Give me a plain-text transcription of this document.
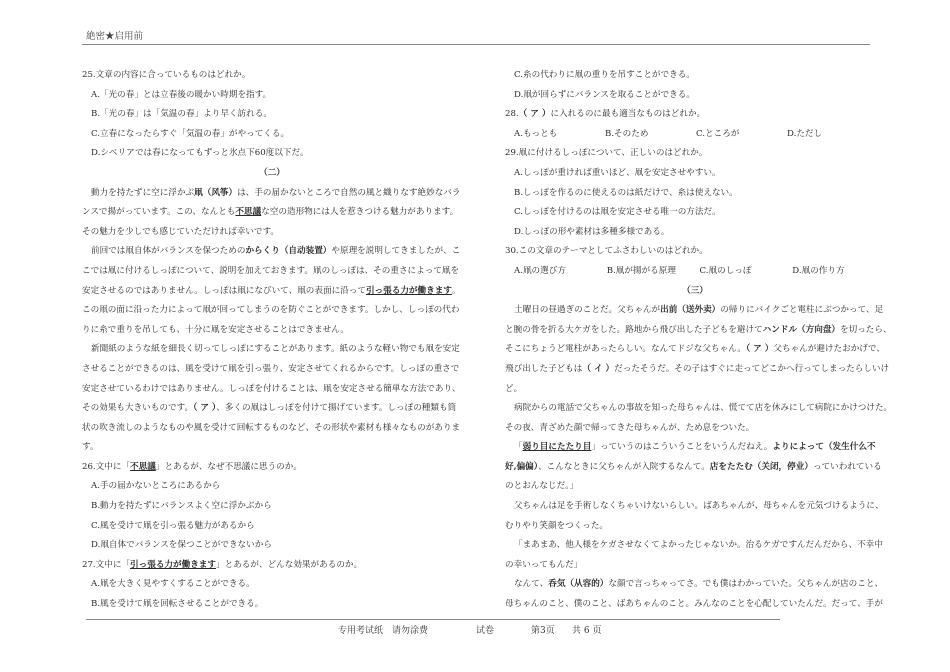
絶密★启用前
25.文章の内容に合っているものはどれか。
A.「光の春」とは立春後の暖かい時期を指す。
B.「光の春」は「気温の春」より早く訪れる。
C.立春になったらすぐ「気温の春」がやってくる。
D.シベリアでは春になってもずっと氷点下60度以下だ。
（二）
動力を持たずに空に浮かぶ凧（风筝）は、手の届かないところで自然の風と織りなす絶妙なバラ
ンスで揚がっています。この、なんとも不思議な空の造形物には人を惹きつける魅力があります。
その魅力を少しでも感じていただければ幸いです。
前回では凧自体がバランスを保つためのからくり（自动装置）や原理を説明してきましたが、こ
こでは凧に付けるしっぽについて、説明を加えておきます。凧のしっぽは、その重さによって凧を
安定させるのではありません。しっぽは凧になびいて、凧の表面に沿って引っ張る力が働きます。
この凧の面に沿った力によって凧が回ってしまうのを防ぐことができます。しかし、しっぽの代わ
りに糸で重りを吊しても、十分に凧を安定させることはできません。
新聞紙のような紙を細長く切ってしっぽにすることがあります。紙のような軽い物でも凧を安定
させることができるのは、風を受けて凧を引っ張り、安定させてくれるからです。しっぽの重さで
安定させているわけではありません。しっぽを付けることは、凧を安定させる簡単な方法であり、
その効果も大きいものです。（ ア ）、多くの凧はしっぽを付けて揚げています。しっぽの種類も筒
状の吹き流しのようなものや風を受けて回転するものなど、その形状や素材も様々なものがありま
す。
26.文中に「不思議」とあるが、なぜ不思議に思うのか。
A.手の届かないところにあるから
B.動力を持たずにバランスよく空に浮かぶから
C.風を受けて凧を引っ張る魅力があるから
D.凧自体でバランスを保つことができないから
27.文中に「引っ張る力が働きます」とあるが、どんな効果があるのか。
A.凧を大きく見やすくすることができる。
B.風を受けて凧を回転させることができる。
C.糸の代わりに凧の重りを吊すことができる。
D.凧が回らずにバランスを取ることができる。
28.（ ア ）に入れるのに最も適当なものはどれか。
A.もっとも	B.そのため	C.ところが	D.ただし
29.凧に付けるしっぽについて、正しいのはどれか。
A.しっぽが重ければ重いほど、凧を安定させやすい。
B.しっぽを作るのに使えるのは紙だけで、糸は使えない。
C.しっぽを付けるのは凧を安定させる唯一の方法だ。
D.しっぽの形や素材は多種多様である。
30.この文章のテーマとしてふさわしいのはどれか。
A.凧の選び方	B.凧が揚がる原理	C.凧のしっぽ	D.凧の作り方
（三）
土曜日の昼過ぎのことだ。父ちゃんが出前（送外卖）の帰りにバイクごと電柱にぶつかって、足
と腕の骨を折る大ケガをした。路地から飛び出した子どもを避けてハンドル（方向盘）を切ったら、
そこにちょうど電柱があったらしい。なんてドジな父ちゃん。（ ア ）父ちゃんが避けたおかげで、
飛び出した子どもは（ イ ）だったそうだ。その子はすぐに走ってどこかへ行ってしまったらしいけ
ど。
病院からの電話で父ちゃんの事故を知った母ちゃんは、慌てて店を休みにして病院にかけつけた。
その夜、青ざめた顔で帰ってきた母ちゃんが、ため息をついた。
「弱り目にたたり目」っていうのはこういうことをいうんだねえ。よりによって（发生什么不
好,偏偏）、こんなときに父ちゃんが入院するなんて。店をたたむ（关闭，停业）っていわれている
のとおんなじだ。」
父ちゃんは足を手術しなくちゃいけないらしい。ばあちゃんが、母ちゃんを元気づけるように、
むりやり笑顔をつくった。
「まあまあ、他人様をケガさせなくてよかったじゃないか。治るケガですんだんだから、不幸中
の幸いってもんだ」
なんて、呑気（从容的）な顔で言っちゃってさ。でも僕はわかっていた。父ちゃんが店のこと、
母ちゃんのこと、僕のこと、ばあちゃんのこと。みんなのことを心配していたんだ。だって、手が
专用考试纸　请勿涂费	试卷	第3页 共 6 页
